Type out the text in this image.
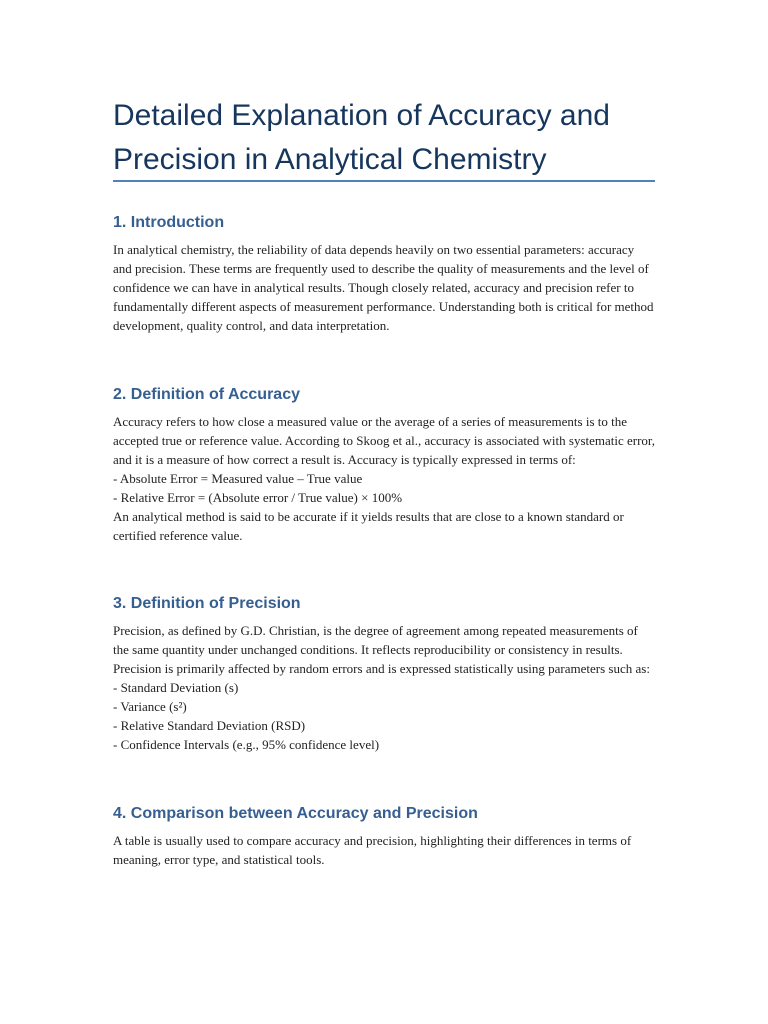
Detailed Explanation of Accuracy and Precision in Analytical Chemistry
1. Introduction

In analytical chemistry, the reliability of data depends heavily on two essential parameters: accuracy and precision. These terms are frequently used to describe the quality of measurements and the level of confidence we can have in analytical results. Though closely related, accuracy and precision refer to fundamentally different aspects of measurement performance. Understanding both is critical for method development, quality control, and data interpretation.

2. Definition of Accuracy

Accuracy refers to how close a measured value or the average of a series of measurements is to the accepted true or reference value. According to Skoog et al., accuracy is associated with systematic error, and it is a measure of how correct a result is. Accuracy is typically expressed in terms of:

- Absolute Error = Measured value – True value

- Relative Error = (Absolute error / True value) × 100%

An analytical method is said to be accurate if it yields results that are close to a known standard or certified reference value.

3. Definition of Precision

Precision, as defined by G.D. Christian, is the degree of agreement among repeated measurements of the same quantity under unchanged conditions. It reflects reproducibility or consistency in results. Precision is primarily affected by random errors and is expressed statistically using parameters such as:

- Standard Deviation (s)

- Variance (s²)

- Relative Standard Deviation (RSD)

- Confidence Intervals (e.g., 95% confidence level)

4. Comparison between Accuracy and Precision

A table is usually used to compare accuracy and precision, highlighting their differences in terms of meaning, error type, and statistical tools.
